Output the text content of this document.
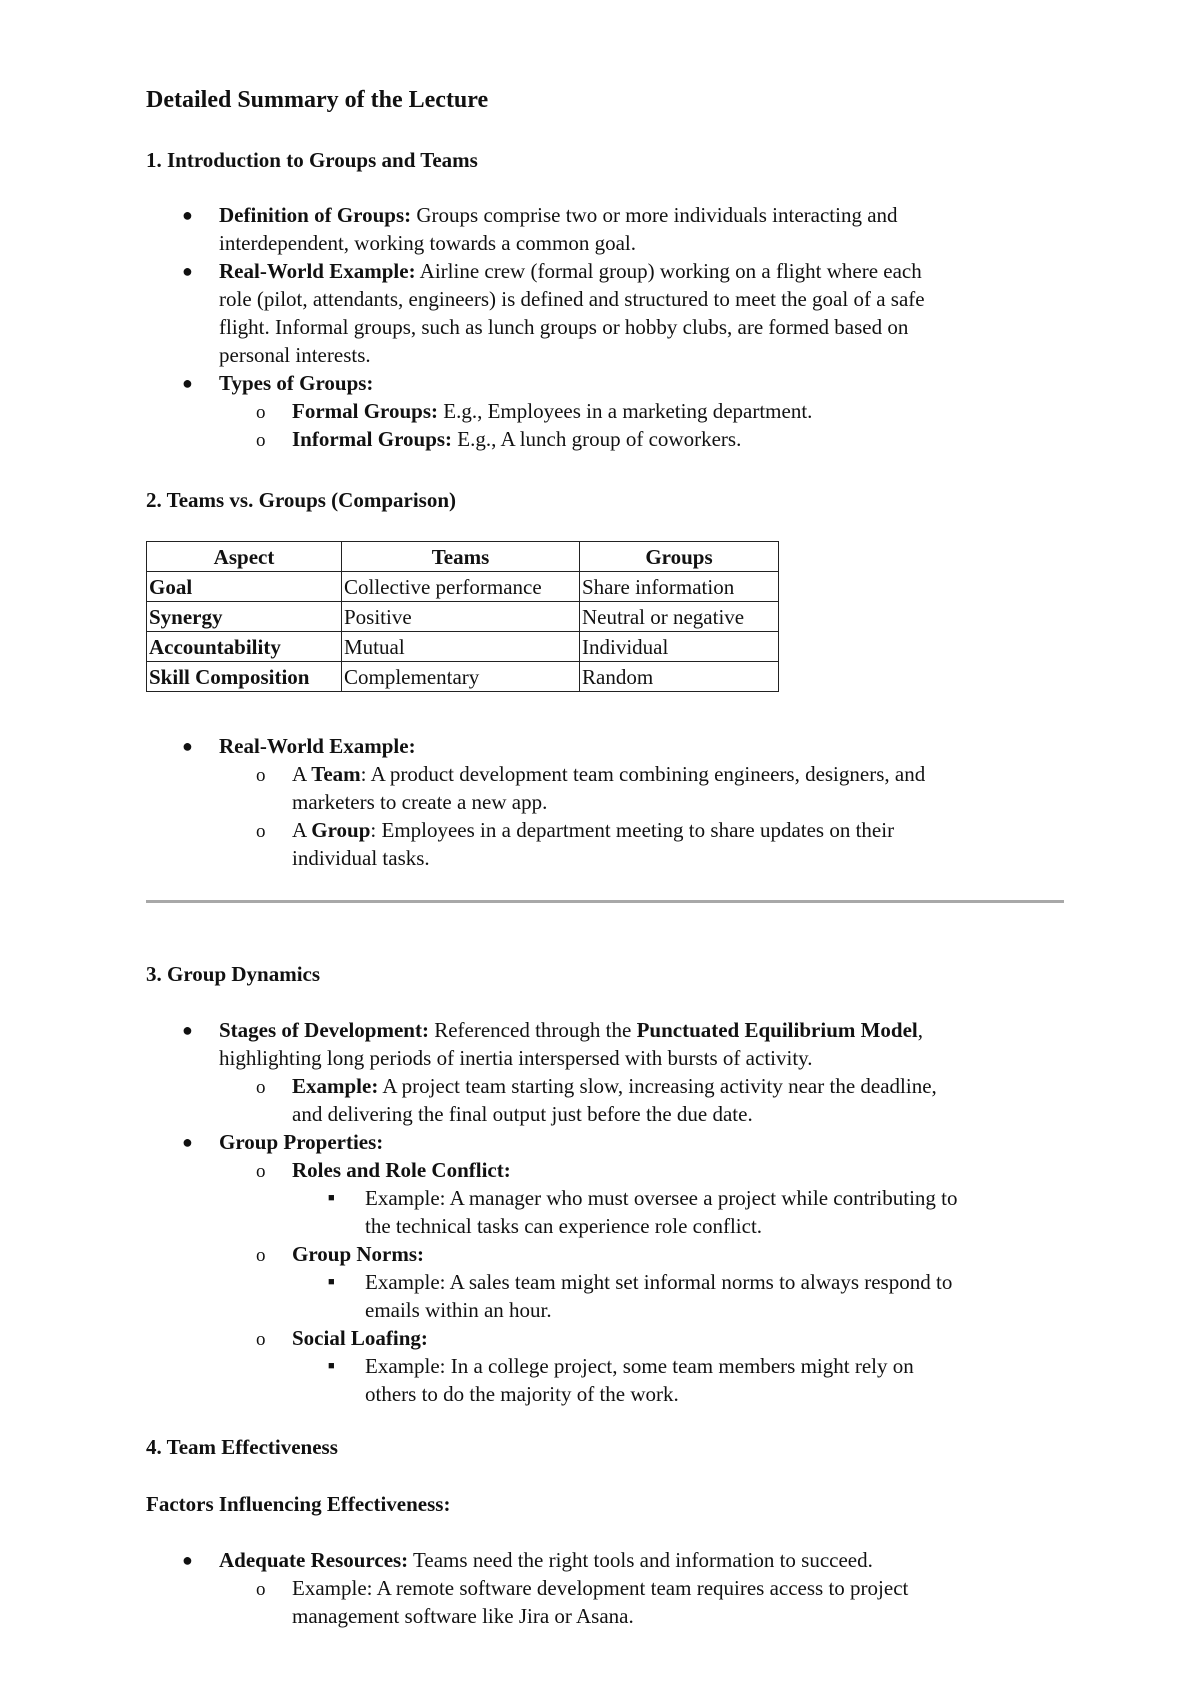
Detailed Summary of the Lecture
1. Introduction to Groups and Teams
● Definition of Groups: Groups comprise two or more individuals interacting and
interdependent, working towards a common goal.
● Real-World Example: Airline crew (formal group) working on a flight where each
role (pilot, attendants, engineers) is defined and structured to meet the goal of a safe
flight. Informal groups, such as lunch groups or hobby clubs, are formed based on
personal interests.
● Types of Groups:
o Formal Groups: E.g., Employees in a marketing department.
o Informal Groups: E.g., A lunch group of coworkers.
2. Teams vs. Groups (Comparison)
Aspect	Teams	Groups
Goal	Collective performance	Share information
Synergy	Positive	Neutral or negative
Accountability	Mutual	Individual
Skill Composition	Complementary	Random
● Real-World Example:
o A Team: A product development team combining engineers, designers, and
marketers to create a new app.
o A Group: Employees in a department meeting to share updates on their
individual tasks.
3. Group Dynamics
● Stages of Development: Referenced through the Punctuated Equilibrium Model,
highlighting long periods of inertia interspersed with bursts of activity.
o Example: A project team starting slow, increasing activity near the deadline,
and delivering the final output just before the due date.
● Group Properties:
o Roles and Role Conflict:
■ Example: A manager who must oversee a project while contributing to
the technical tasks can experience role conflict.
o Group Norms:
■ Example: A sales team might set informal norms to always respond to
emails within an hour.
o Social Loafing:
■ Example: In a college project, some team members might rely on
others to do the majority of the work.
4. Team Effectiveness
Factors Influencing Effectiveness:
● Adequate Resources: Teams need the right tools and information to succeed.
o Example: A remote software development team requires access to project
management software like Jira or Asana.
